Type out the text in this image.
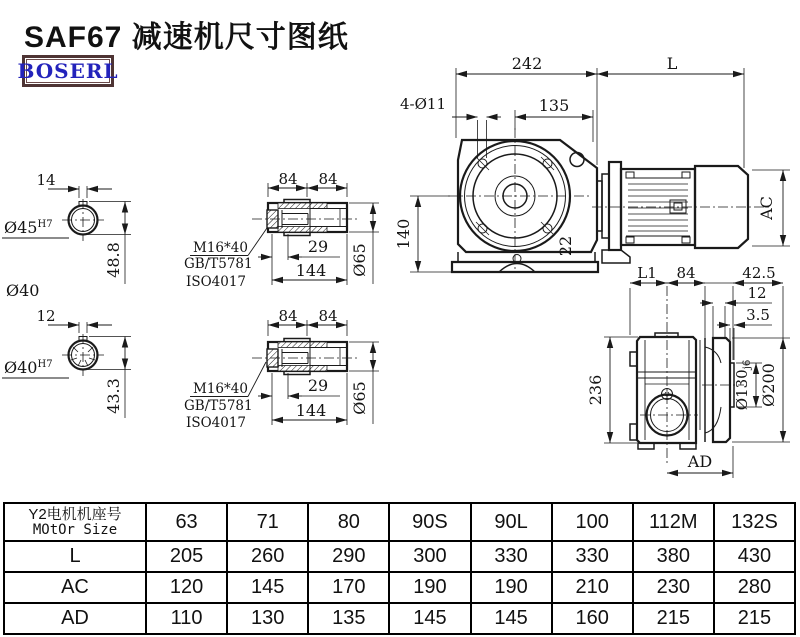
SAF67 减速机尺寸图纸
BOSERL
14
48.8
$Ø45^{H7}$
Ø40
12
43.3
$Ø40^{H7}$
84 84
Ø65
29
144
M16*40
GB/T5781
ISO4017
84 84
Ø65
29
144
M16*40
GB/T5781
ISO4017
242	L
135
4-Ø11
140	22
AC
L1 84	42.5
12
3.5
236	$Ø130_{j6}$ Ø200
AD
Y2电机机座号
MOtOr Size	63	71	80	90S	90L	100	112M	132S
L	205	260	290	300	330	330	380	430
AC	120	145	170	190	190	210	230	280
AD	110	130	135	145	145	160	215	215
